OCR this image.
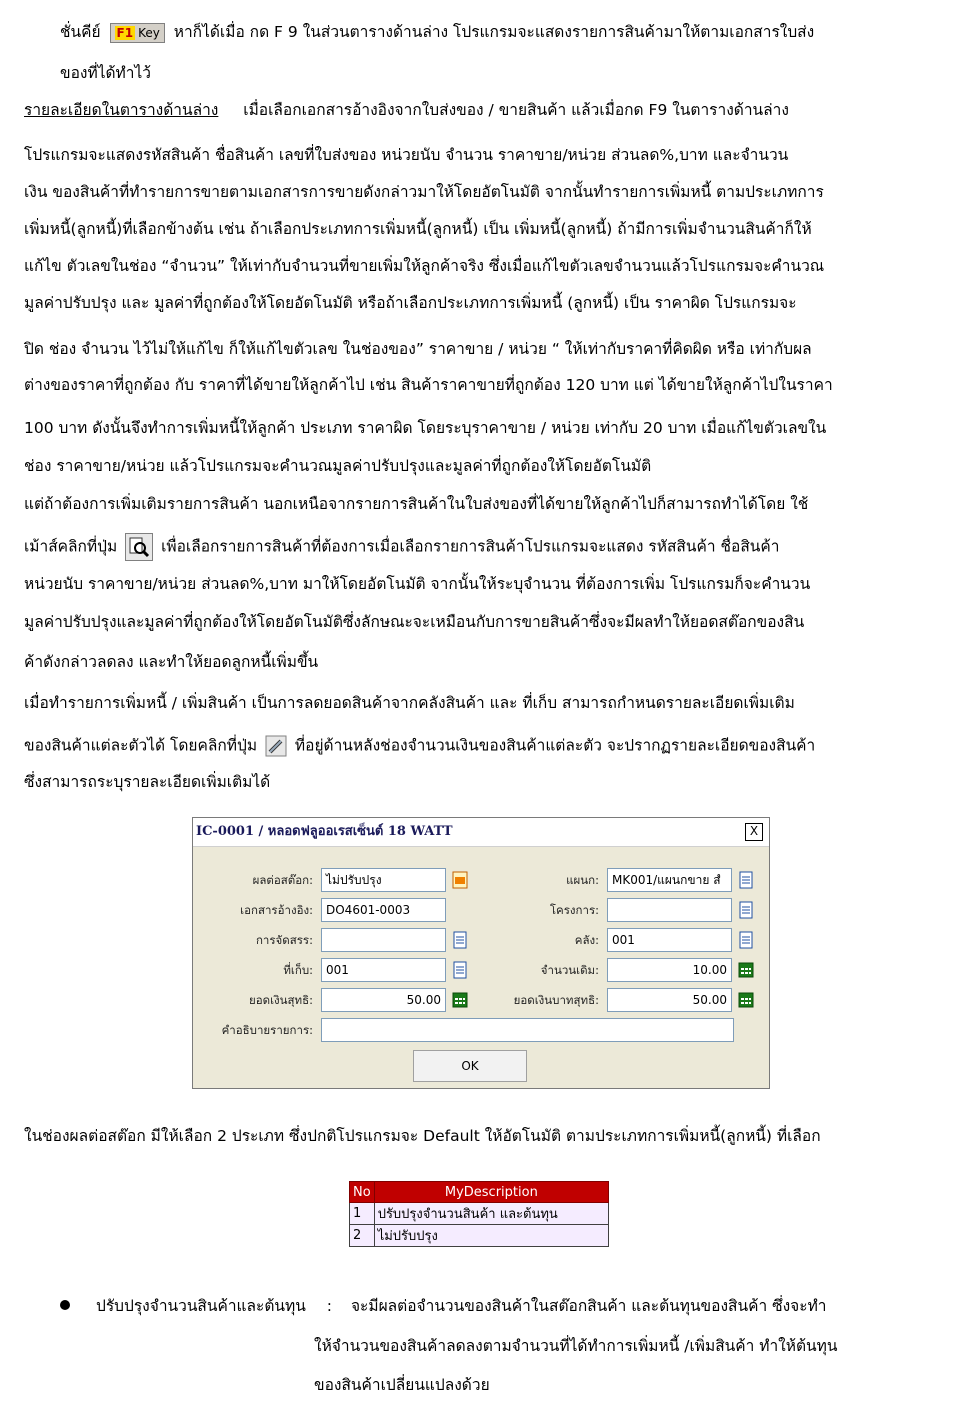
ชั่นคีย์ F1 Key หาก็ได้เมื่อ กด F 9 ในส่วนตารางด้านล่าง โปรแกรมจะแสดงรายการสินค้ามาให้ตามเอกสารใบส่ง
ของที่ได้ทำไว้
รายละเอียดในตารางด้านล่าง เมื่อเลือกเอกสารอ้างอิงจากใบส่งของ / ขายสินค้า แล้วเมื่อกด F9 ในตารางด้านล่าง
โปรแกรมจะแสดงรหัสสินค้า ชื่อสินค้า เลขที่ใบส่งของ หน่วยนับ จำนวน ราคาขาย/หน่วย ส่วนลด%,บาท และจำนวน
เงิน ของสินค้าที่ทำรายการขายตามเอกสารการขายดังกล่าวมาให้โดยอัตโนมัติ จากนั้นทำรายการเพิ่มหนี้ ตามประเภทการ
เพิ่มหนี้(ลูกหนี้)ที่เลือกข้างต้น เช่น ถ้าเลือกประเภทการเพิ่มหนี้(ลูกหนี้) เป็น เพิ่มหนี้(ลูกหนี้) ถ้ามีการเพิ่มจำนวนสินค้าก็ให้
แก้ไข ตัวเลขในช่อง “จำนวน” ให้เท่ากับจำนวนที่ขายเพิ่มให้ลูกค้าจริง ซึ่งเมื่อแก้ไขตัวเลขจำนวนแล้วโปรแกรมจะคำนวณ
มูลค่าปรับปรุง และ มูลค่าที่ถูกต้องให้โดยอัตโนมัติ หรือถ้าเลือกประเภทการเพิ่มหนี้ (ลูกหนี้) เป็น ราคาผิด โปรแกรมจะ
ปิด ช่อง จำนวน ไว้ไม่ให้แก้ไข ก็ให้แก้ไขตัวเลข ในช่องของ” ราคาขาย / หน่วย “ ให้เท่ากับราคาที่คิดผิด หรือ เท่ากับผล
ต่างของราคาที่ถูกต้อง กับ ราคาที่ได้ขายให้ลูกค้าไป เช่น สินค้าราคาขายที่ถูกต้อง 120 บาท แต่ ได้ขายให้ลูกค้าไปในราคา
100 บาท ดังนั้นจึงทำการเพิ่มหนี้ให้ลูกค้า ประเภท ราคาผิด โดยระบุราคาขาย / หน่วย เท่ากับ 20 บาท เมื่อแก้ไขตัวเลขใน
ช่อง ราคาขาย/หน่วย แล้วโปรแกรมจะคำนวณมูลค่าปรับปรุงและมูลค่าที่ถูกต้องให้โดยอัตโนมัติ
แต่ถ้าต้องการเพิ่มเติมรายการสินค้า นอกเหนือจากรายการสินค้าในใบส่งของที่ได้ขายให้ลูกค้าไปก็สามารถทำได้โดย ใช้
เม้าส์คลิกที่ปุ่ม	เพื่อเลือกรายการสินค้าที่ต้องการเมื่อเลือกรายการสินค้าโปรแกรมจะแสดง รหัสสินค้า ชื่อสินค้า
หน่วยนับ ราคาขาย/หน่วย ส่วนลด%,บาท มาให้โดยอัตโนมัติ จากนั้นให้ระบุจำนวน ที่ต้องการเพิ่ม โปรแกรมก็จะคำนวน
มูลค่าปรับปรุงและมูลค่าที่ถูกต้องให้โดยอัตโนมัติซึ่งลักษณะจะเหมือนกับการขายสินค้าซึ่งจะมีผลทำให้ยอดสต๊อกของสิน
ค้าดังกล่าวลดลง และทำให้ยอดลูกหนี้เพิ่มขึ้น
เมื่อทำรายการเพิ่มหนี้ / เพิ่มสินค้า เป็นการลดยอดสินค้าจากคลังสินค้า และ ที่เก็บ สามารถกำหนดรายละเอียดเพิ่มเติม
ของสินค้าแต่ละตัวได้ โดยคลิกที่ปุ่ม ที่อยู่ด้านหลังช่องจำนวนเงินของสินค้าแต่ละตัว จะปรากฏรายละเอียดของสินค้า
ซึ่งสามารถระบุรายละเอียดเพิ่มเติมได้
IC-0001 / หลอดฟลูออเรสเซ็นต์ 18 WATT	X
ผลต่อสต๊อก:	ไม่ปรับปรุง
เอกสารอ้างอิง:	DO4601-0003
การจัดสรร:
ที่เก็บ:	001
ยอดเงินสุทธิ:	50.00
คำอธิบายรายการ:
แผนก:	MK001/แผนกขาย สํ
โครงการ:
คลัง:	001
จำนวนเดิม:	10.00
ยอดเงินบาทสุทธิ:	50.00
OK
ในช่องผลต่อสต๊อก มีให้เลือก 2 ประเภท ซึ่งปกติโปรแกรมจะ Default ให้อัตโนมัติ ตามประเภทการเพิ่มหนี้(ลูกหนี้) ที่เลือก
No	MyDescription
1	ปรับปรุงจำนวนสินค้า และต้นทุน
2	ไม่ปรับปรุง
ปรับปรุงจำนวนสินค้าและต้นทุน : จะมีผลต่อจำนวนของสินค้าในสต๊อกสินค้า และต้นทุนของสินค้า ซึ่งจะทำ
ให้จำนวนของสินค้าลดลงตามจำนวนที่ได้ทำการเพิ่มหนี้ /เพิ่มสินค้า ทำให้ต้นทุน
ของสินค้าเปลี่ยนแปลงด้วย
